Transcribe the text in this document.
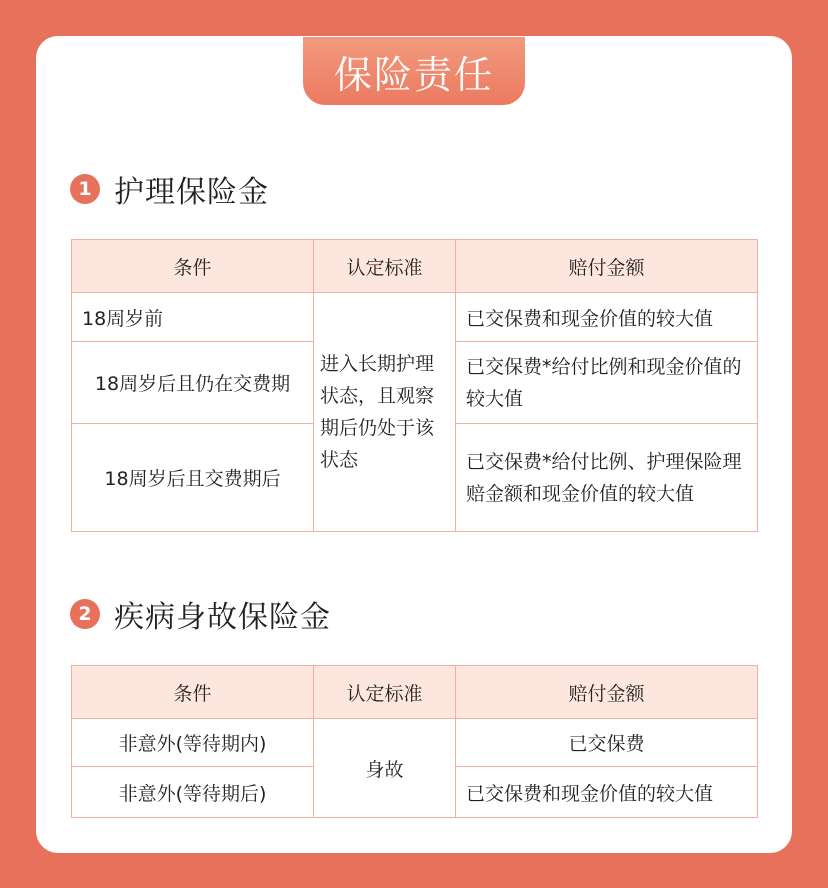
保险责任
1 护理保险金
条件	认定标准	赔付金额
18周岁前	进入长期护理状态，且观察期后仍处于该状态	已交保费和现金价值的较大值
18周岁后且仍在交费期		已交保费*给付比例和现金价值的较大值
18周岁后且交费期后		已交保费*给付比例、护理保险理赔金额和现金价值的较大值
2 疾病身故保险金
条件	认定标准	赔付金额
非意外(等待期内)	身故	已交保费
非意外(等待期后)		已交保费和现金价值的较大值
